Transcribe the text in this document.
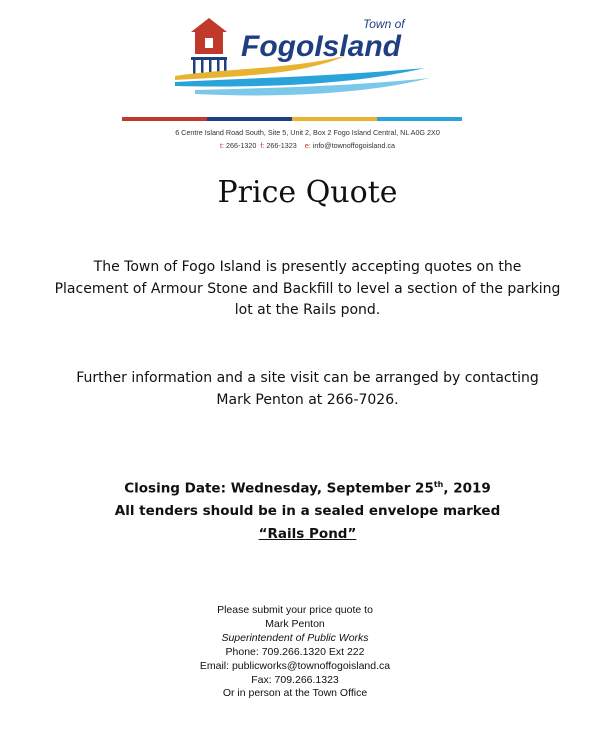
Town of
FogoIsland
6 Centre Island Road South, Site 5, Unit 2, Box 2 Fogo Island Central, NL A0G 2X0
t: 266-1320 f: 266-1323 e: info@townoffogoisland.ca
Price Quote
The Town of Fogo Island is presently accepting quotes on the
Placement of Armour Stone and Backfill to level a section of the parking
lot at the Rails pond.
Further information and a site visit can be arranged by contacting
Mark Penton at 266-7026.
Closing Date: Wednesday, September 25th, 2019
All tenders should be in a sealed envelope marked
“Rails Pond”
Please submit your price quote to
Mark Penton
Superintendent of Public Works
Phone: 709.266.1320 Ext 222
Email: publicworks@townoffogoisland.ca
Fax: 709.266.1323
Or in person at the Town Office
